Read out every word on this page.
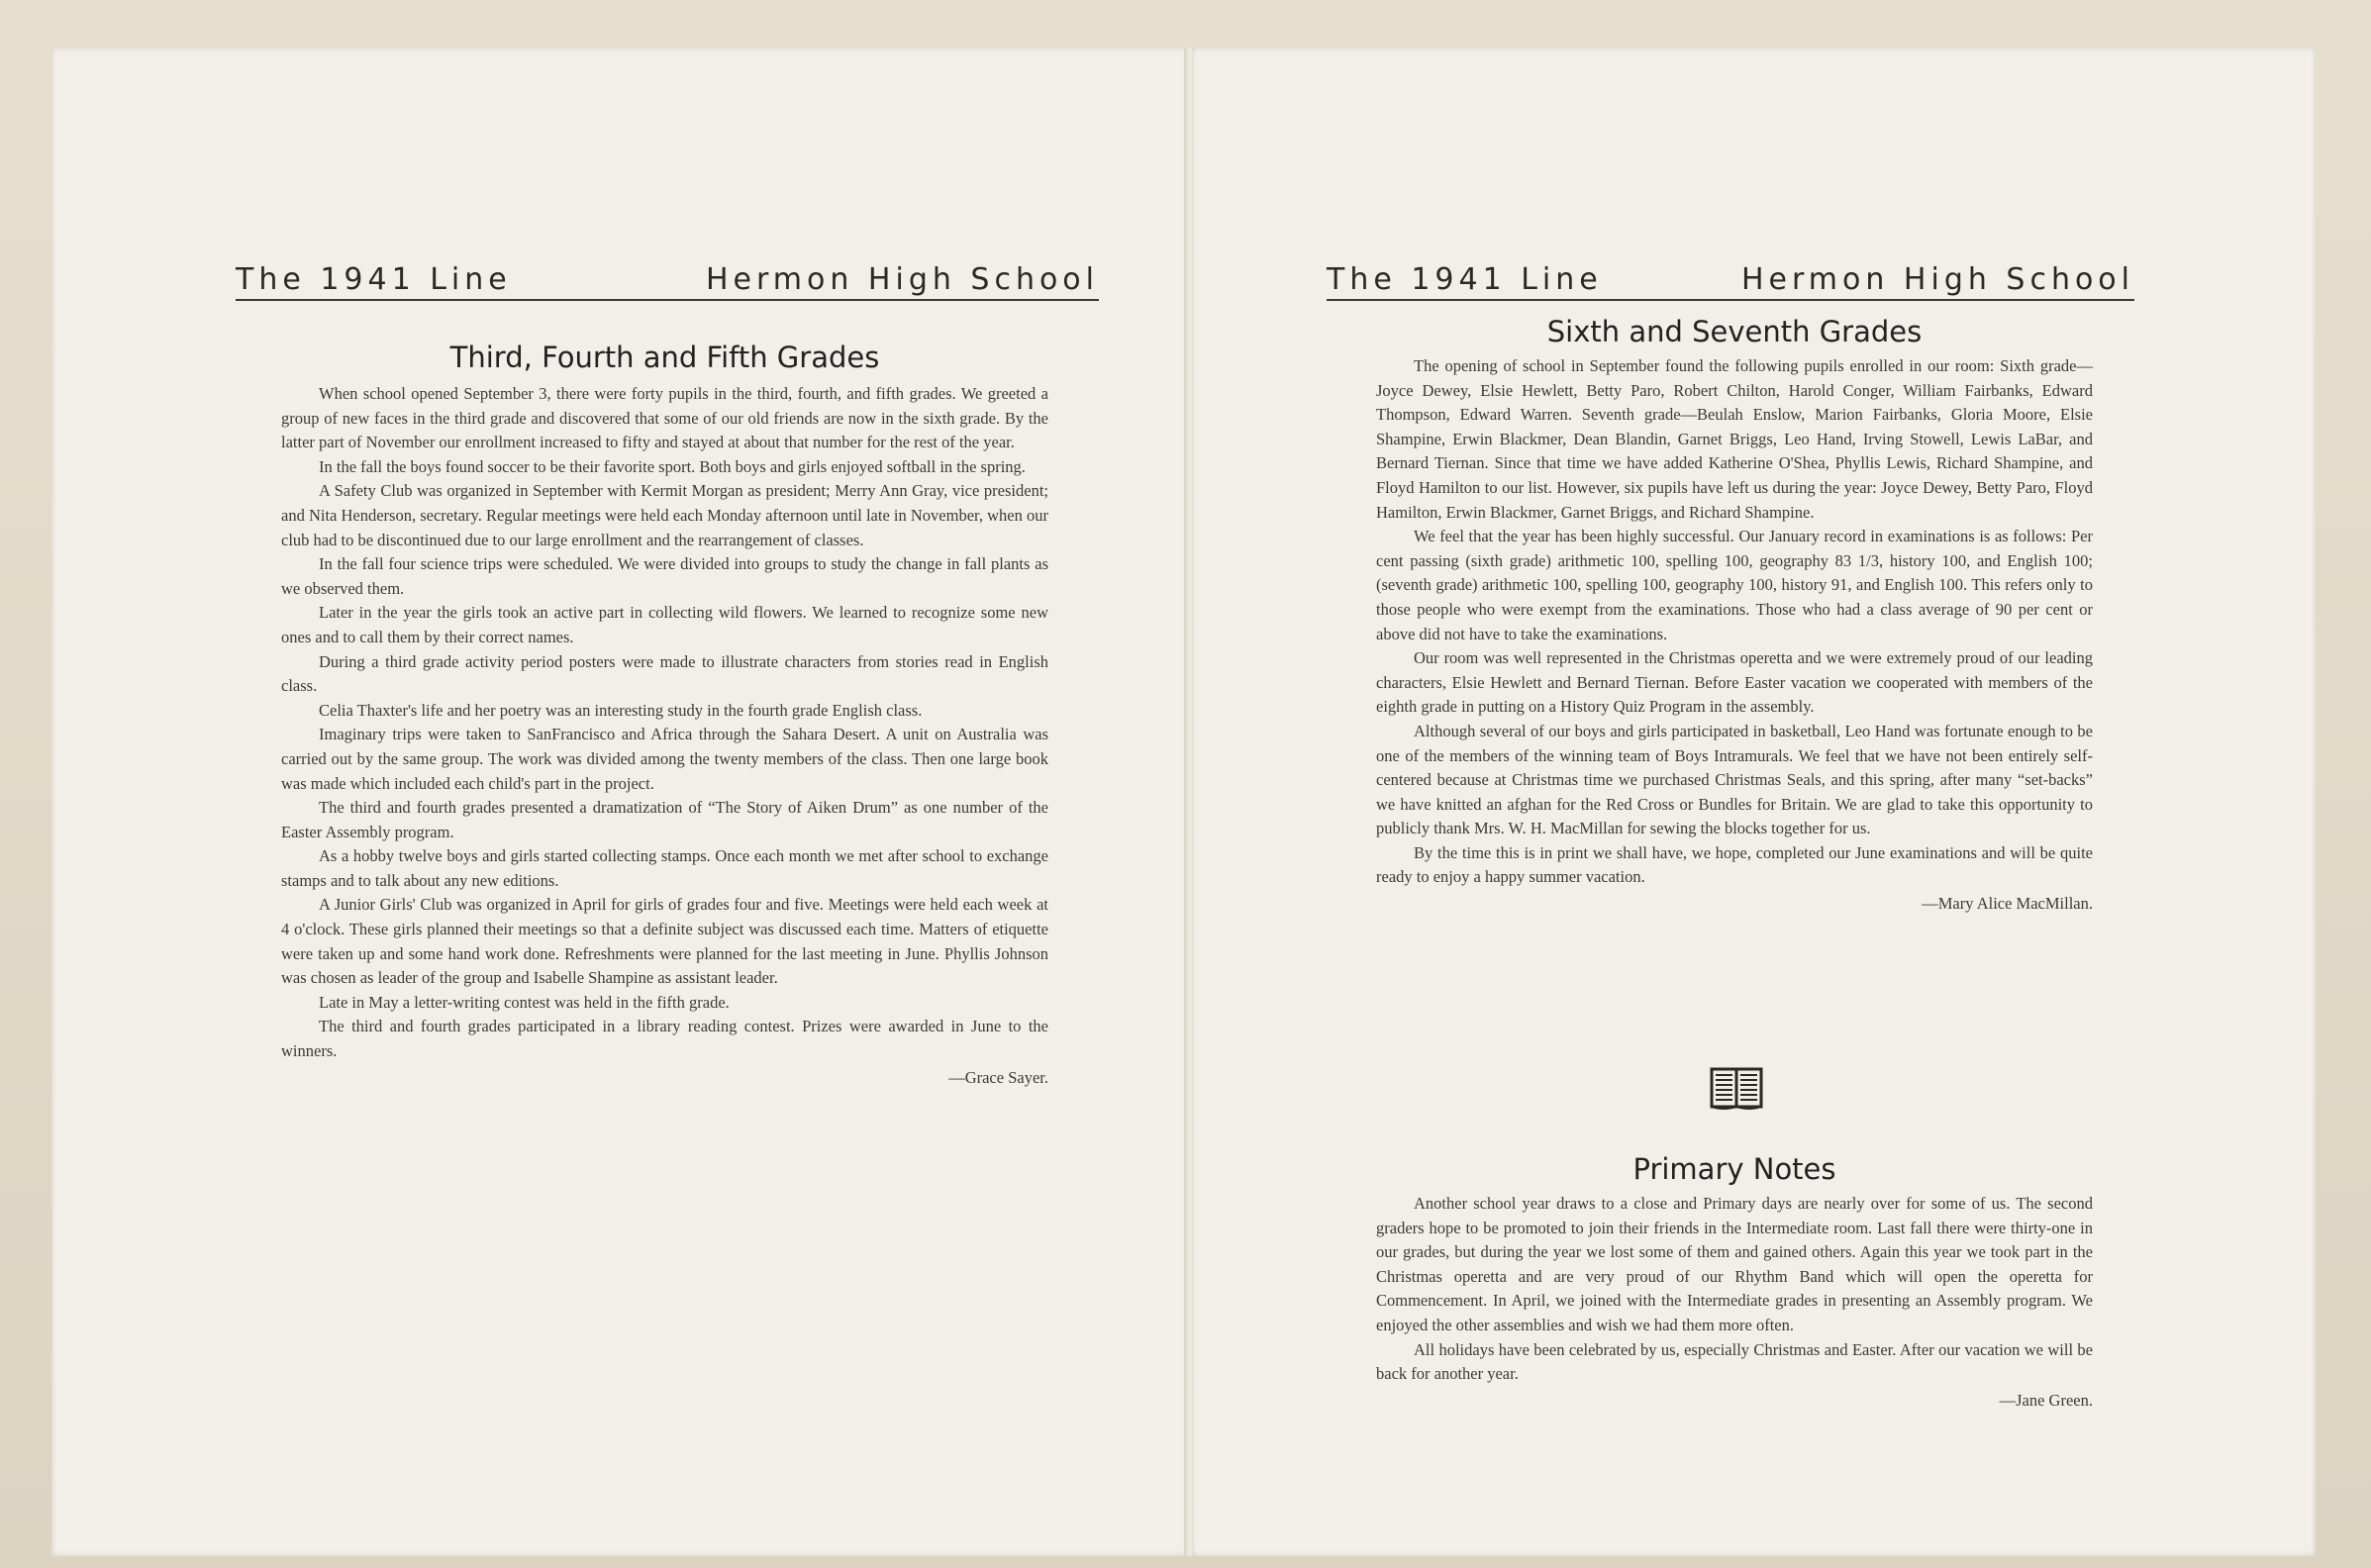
The 1941 Line	Hermon High School
Third, Fourth and Fifth Grades

When school opened September 3, there were forty pupils in the third, fourth, and fifth grades. We greeted a group of new faces in the third grade and discovered that some of our old friends are now in the sixth grade. By the latter part of November our enrollment increased to fifty and stayed at about that number for the rest of the year.

In the fall the boys found soccer to be their favorite sport. Both boys and girls enjoyed softball in the spring.

A Safety Club was organized in September with Kermit Morgan as president; Merry Ann Gray, vice president; and Nita Henderson, secretary. Regular meetings were held each Monday afternoon until late in November, when our club had to be discontinued due to our large enrollment and the rearrangement of classes.

In the fall four science trips were scheduled. We were divided into groups to study the change in fall plants as we observed them.

Later in the year the girls took an active part in collecting wild flowers. We learned to recognize some new ones and to call them by their correct names.

During a third grade activity period posters were made to illustrate characters from stories read in English class.

Celia Thaxter's life and her poetry was an interesting study in the fourth grade English class.

Imaginary trips were taken to SanFrancisco and Africa through the Sahara Desert. A unit on Australia was carried out by the same group. The work was divided among the twenty members of the class. Then one large book was made which included each child's part in the project.

The third and fourth grades presented a dramatization of “The Story of Aiken Drum” as one number of the Easter Assembly program.

As a hobby twelve boys and girls started collecting stamps. Once each month we met after school to exchange stamps and to talk about any new editions.

A Junior Girls' Club was organized in April for girls of grades four and five. Meetings were held each week at 4 o'clock. These girls planned their meetings so that a definite subject was discussed each time. Matters of etiquette were taken up and some hand work done. Refreshments were planned for the last meeting in June. Phyllis Johnson was chosen as leader of the group and Isabelle Shampine as assistant leader.

Late in May a letter-writing contest was held in the fifth grade.

The third and fourth grades participated in a library reading contest. Prizes were awarded in June to the winners.

—Grace Sayer.

The 1941 Line	Hermon High School
Sixth and Seventh Grades

The opening of school in September found the following pupils enrolled in our room: Sixth grade—Joyce Dewey, Elsie Hewlett, Betty Paro, Robert Chilton, Harold Conger, William Fairbanks, Edward Thompson, Edward Warren. Seventh grade—Beulah Enslow, Marion Fairbanks, Gloria Moore, Elsie Shampine, Erwin Blackmer, Dean Blandin, Garnet Briggs, Leo Hand, Irving Stowell, Lewis LaBar, and Bernard Tiernan. Since that time we have added Katherine O'Shea, Phyllis Lewis, Richard Shampine, and Floyd Hamilton to our list. However, six pupils have left us during the year: Joyce Dewey, Betty Paro, Floyd Hamilton, Erwin Blackmer, Garnet Briggs, and Richard Shampine.

We feel that the year has been highly successful. Our January record in examinations is as follows: Per cent passing (sixth grade) arithmetic 100, spelling 100, geography 83 1/3, history 100, and English 100; (seventh grade) arithmetic 100, spelling 100, geography 100, history 91, and English 100. This refers only to those people who were exempt from the examinations. Those who had a class average of 90 per cent or above did not have to take the examinations.

Our room was well represented in the Christmas operetta and we were extremely proud of our leading characters, Elsie Hewlett and Bernard Tiernan. Before Easter vacation we cooperated with members of the eighth grade in putting on a History Quiz Program in the assembly.

Although several of our boys and girls participated in basketball, Leo Hand was fortunate enough to be one of the members of the winning team of Boys Intramurals. We feel that we have not been entirely self-centered because at Christmas time we purchased Christmas Seals, and this spring, after many “set-backs” we have knitted an afghan for the Red Cross or Bundles for Britain. We are glad to take this opportunity to publicly thank Mrs. W. H. MacMillan for sewing the blocks together for us.

By the time this is in print we shall have, we hope, completed our June examinations and will be quite ready to enjoy a happy summer vacation.

—Mary Alice MacMillan.

Primary Notes

Another school year draws to a close and Primary days are nearly over for some of us. The second graders hope to be promoted to join their friends in the Intermediate room. Last fall there were thirty-one in our grades, but during the year we lost some of them and gained others. Again this year we took part in the Christmas operetta and are very proud of our Rhythm Band which will open the operetta for Commencement. In April, we joined with the Intermediate grades in presenting an Assembly program. We enjoyed the other assemblies and wish we had them more often.

All holidays have been celebrated by us, especially Christmas and Easter. After our vacation we will be back for another year.

—Jane Green.
